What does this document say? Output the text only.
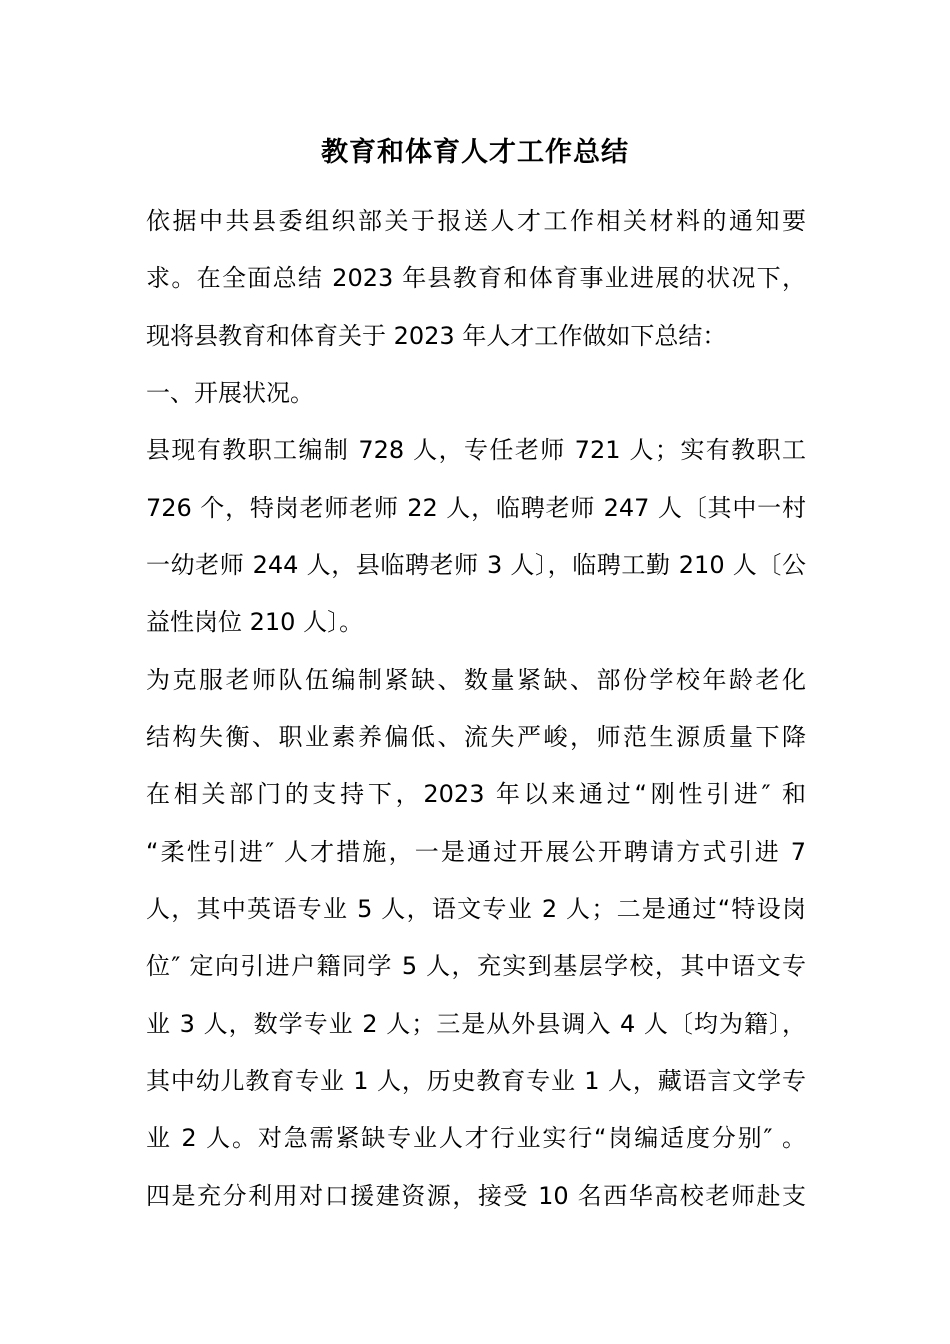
教育和体育人才工作总结

依据中共县委组织部关于报送人才工作相关材料的通知要

求。在全面总结 2023 年县教育和体育事业进展的状况下，

现将县教育和体育关于 2023 年人才工作做如下总结：

一、开展状况。

县现有教职工编制 728 人，专任老师 721 人；实有教职工

726 个，特岗老师老师 22 人，临聘老师 247 人〔其中一村

一幼老师 244 人，县临聘老师 3 人〕，临聘工勤 210 人〔公

益性岗位 210 人〕。

为克服老师队伍编制紧缺、数量紧缺、部份学校年龄老化

结构失衡、职业素养偏低、流失严峻，师范生源质量下降

在相关部门的支持下，2023 年以来通过“刚性引进″ 和

“柔性引进″ 人才措施，一是通过开展公开聘请方式引进 7

人，其中英语专业 5 人，语文专业 2 人；二是通过“特设岗

位″ 定向引进户籍同学 5 人，充实到基层学校，其中语文专

业 3 人，数学专业 2 人；三是从外县调入 4 人〔均为籍〕，

其中幼儿教育专业 1 人，历史教育专业 1 人，藏语言文学专

业 2 人。对急需紧缺专业人才行业实行“岗编适度分别″ 。

四是充分利用对口援建资源，接受 10 名西华高校老师赴支
